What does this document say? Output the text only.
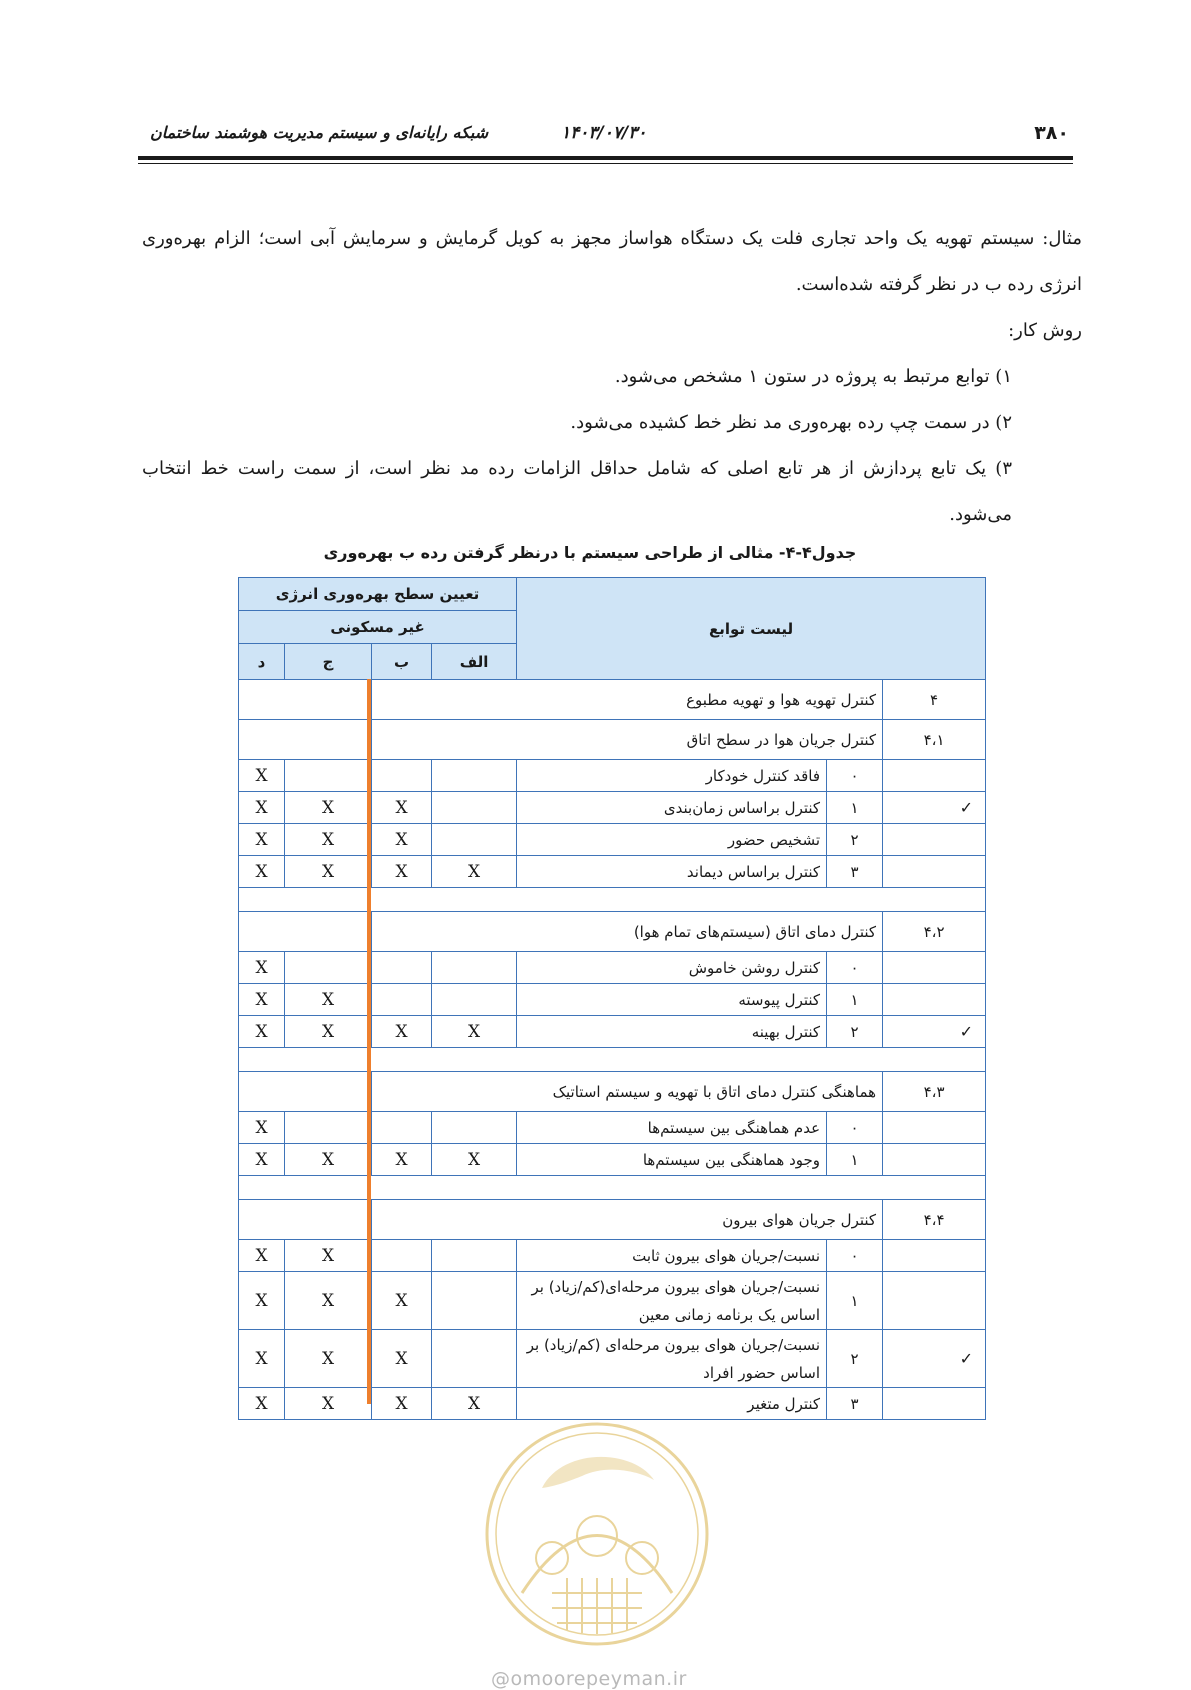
۳۸۰
۱۴۰۳/۰۷/۳۰
شبکه رایانه‌ای و سیستم مدیریت هوشمند ساختمان

مثال: سیستم تهویه یک واحد تجاری فلت یک دستگاه هواساز مجهز به کویل گرمایش و سرمایش آبی است؛ الزام بهره‌وری انرژی رده ب در نظر گرفته شده‌است.

روش کار:

۱) توابع مرتبط به پروژه در ستون ۱ مشخص می‌شود.

۲) در سمت چپ رده بهره‌وری مد نظر خط کشیده می‌شود.

۳) یک تابع پردازش از هر تابع اصلی که شامل حداقل الزامات رده مد نظر است، از سمت راست خط انتخاب می‌شود.

جدول۴-۴- مثالی از طراحی سیستم با درنظر گرفتن رده ب بهره‌وری
تعیین سطح بهره‌وری انرژی				لیست توابع		
غیر مسکونی						
د	ج	ب	الف			
		کنترل تهویه هوا و تهویه مطبوع				۴
		کنترل جریان هوا در سطح اتاق				۴،۱
X				فاقد کنترل خودکار	۰	
X	X	X		کنترل براساس زمان‌بندی	۱	✓
X	X	X		تشخیص حضور	۲	
X	X	X	X	کنترل براساس دیماند	۳	

		کنترل دمای اتاق (سیستم‌های تمام هوا)				۴،۲
X				کنترل روشن خاموش	۰	
X	X			کنترل پیوسته	۱	
X	X	X	X	کنترل بهینه	۲	✓

		هماهنگی کنترل دمای اتاق با تهویه و سیستم استاتیک				۴،۳
X				عدم هماهنگی بین سیستم‌ها	۰	
X	X	X	X	وجود هماهنگی بین سیستم‌ها	۱	

		کنترل جریان هوای بیرون				۴،۴
X	X			نسبت/جریان هوای بیرون ثابت	۰	
X	X	X		نسبت/جریان هوای بیرون مرحله‌ای(کم/زیاد) بر اساس یک برنامه زمانی معین	۱	
X	X	X		نسبت/جریان هوای بیرون مرحله‌ای (کم/زیاد) بر اساس حضور افراد	۲	✓
X	X	X	X	کنترل متغیر	۳	
@omoorepeyman.ir
